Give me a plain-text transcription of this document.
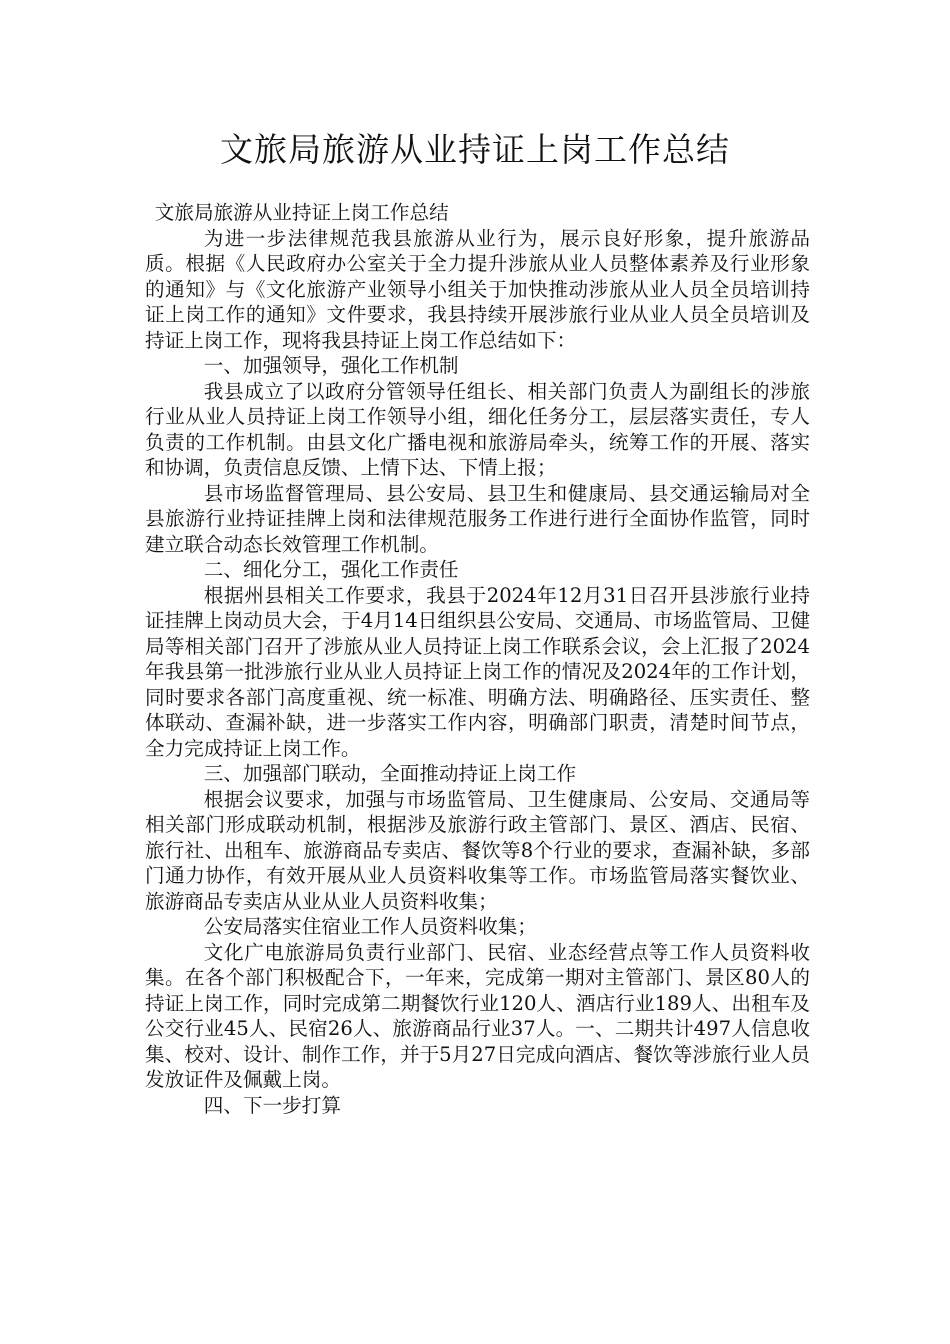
文旅局旅游从业持证上岗工作总结

文旅局旅游从业持证上岗工作总结

为进一步法律规范我县旅游从业行为，展示良好形象，提升旅游品质。根据《人民政府办公室关于全力提升涉旅从业人员整体素养及行业形象的通知》与《文化旅游产业领导小组关于加快推动涉旅从业人员全员培训持证上岗工作的通知》文件要求，我县持续开展涉旅行业从业人员全员培训及持证上岗工作，现将我县持证上岗工作总结如下：

一、加强领导，强化工作机制

我县成立了以政府分管领导任组长、相关部门负责人为副组长的涉旅行业从业人员持证上岗工作领导小组，细化任务分工，层层落实责任，专人负责的工作机制。由县文化广播电视和旅游局牵头，统筹工作的开展、落实和协调，负责信息反馈、上情下达、下情上报；

县市场监督管理局、县公安局、县卫生和健康局、县交通运输局对全县旅游行业持证挂牌上岗和法律规范服务工作进行进行全面协作监管，同时建立联合动态长效管理工作机制。

二、细化分工，强化工作责任

根据州县相关工作要求，我县于2024年12月31日召开县涉旅行业持证挂牌上岗动员大会，于4月14日组织县公安局、交通局、市场监管局、卫健局等相关部门召开了涉旅从业人员持证上岗工作联系会议，会上汇报了2024年我县第一批涉旅行业从业人员持证上岗工作的情况及2024年的工作计划，同时要求各部门高度重视、统一标准、明确方法、明确路径、压实责任、整体联动、查漏补缺，进一步落实工作内容，明确部门职责，清楚时间节点，全力完成持证上岗工作。

三、加强部门联动，全面推动持证上岗工作

根据会议要求，加强与市场监管局、卫生健康局、公安局、交通局等相关部门形成联动机制，根据涉及旅游行政主管部门、景区、酒店、民宿、旅行社、出租车、旅游商品专卖店、餐饮等8个行业的要求，查漏补缺，多部门通力协作，有效开展从业人员资料收集等工作。市场监管局落实餐饮业、旅游商品专卖店从业从业人员资料收集；

公安局落实住宿业工作人员资料收集；

文化广电旅游局负责行业部门、民宿、业态经营点等工作人员资料收集。在各个部门积极配合下，一年来，完成第一期对主管部门、景区80人的持证上岗工作，同时完成第二期餐饮行业120人、酒店行业189人、出租车及公交行业45人、民宿26人、旅游商品行业37人。一、二期共计497人信息收集、校对、设计、制作工作，并于5月27日完成向酒店、餐饮等涉旅行业人员发放证件及佩戴上岗。

四、下一步打算
